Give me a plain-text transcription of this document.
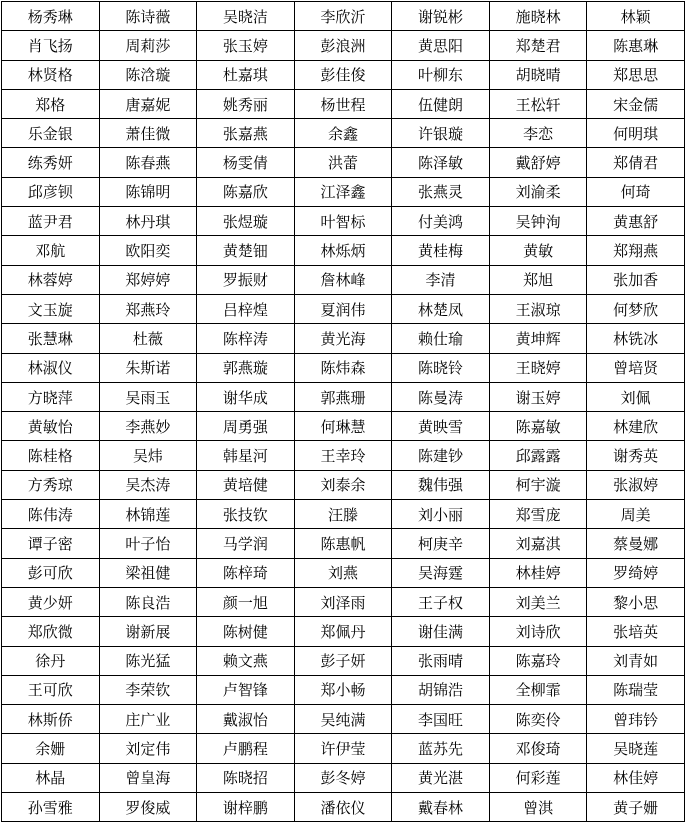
杨秀琳	陈诗薇	吴晓洁	李欣沂	谢锐彬	施晓林	林颖
肖飞扬	周莉莎	张玉婷	彭浪洲	黄思阳	郑楚君	陈惠琳
林贤格	陈浛璇	杜嘉琪	彭佳俊	叶柳东	胡晓晴	郑思思
郑格	唐嘉妮	姚秀丽	杨世程	伍健朗	王松轩	宋金儒
乐金银	萧佳微	张嘉燕	余鑫	许银璇	李恋	何明琪
练秀妍	陈春燕	杨雯倩	洪蕾	陈泽敏	戴舒婷	郑倩君
邱彦钡	陈锦明	陈嘉欣	江泽鑫	张燕灵	刘渝柔	何琦
蓝尹君	林丹琪	张煜璇	叶智标	付美鸿	吴钟洵	黄惠舒
邓航	欧阳奕	黄楚钿	林烁炳	黄桂梅	黄敏	郑翔燕
林蓉婷	郑婷婷	罗振财	詹林峰	李清	郑旭	张加香
文玉旋	郑燕玲	吕梓煌	夏润伟	林楚凤	王淑琼	何梦欣
张慧琳	杜薇	陈梓涛	黄光海	赖仕瑜	黄坤辉	林铣冰
林淑仪	朱斯诺	郭燕璇	陈炜森	陈晓铃	王晓婷	曾培贤
方晓萍	吴雨玉	谢华成	郭燕珊	陈曼涛	谢玉婷	刘佩
黄敏怡	李燕妙	周勇强	何琳慧	黄映雪	陈嘉敏	林建欣
陈桂格	吴炜	韩星河	王幸玲	陈建钞	邱露露	谢秀英
方秀琼	吴杰涛	黄培健	刘泰余	魏伟强	柯宇漩	张淑婷
陈伟涛	林锦莲	张技钦	汪滕	刘小丽	郑雪庞	周美
谭子密	叶子怡	马学润	陈惠帆	柯庚辛	刘嘉淇	蔡曼娜
彭可欣	梁祖健	陈梓琦	刘燕	吴海霆	林桂婷	罗绮婷
黄少妍	陈良浩	颜一旭	刘泽雨	王子权	刘美兰	黎小思
郑欣微	谢新展	陈树健	郑佩丹	谢佳满	刘诗欣	张培英
徐丹	陈光猛	赖文燕	彭子妍	张雨晴	陈嘉玲	刘青如
王可欣	李荣钦	卢智锋	郑小畅	胡锦浩	全柳霏	陈瑞莹
林斯侨	庄广业	戴淑怡	吴纯满	李国旺	陈奕伶	曾玮钤
余姗	刘定伟	卢鹏程	许伊莹	蓝苏先	邓俊琦	吴晓莲
林晶	曾皇海	陈晓招	彭冬婷	黄光湛	何彩莲	林佳婷
孙雪雅	罗俊威	谢梓鹏	潘依仪	戴春林	曾淇	黄子姗
